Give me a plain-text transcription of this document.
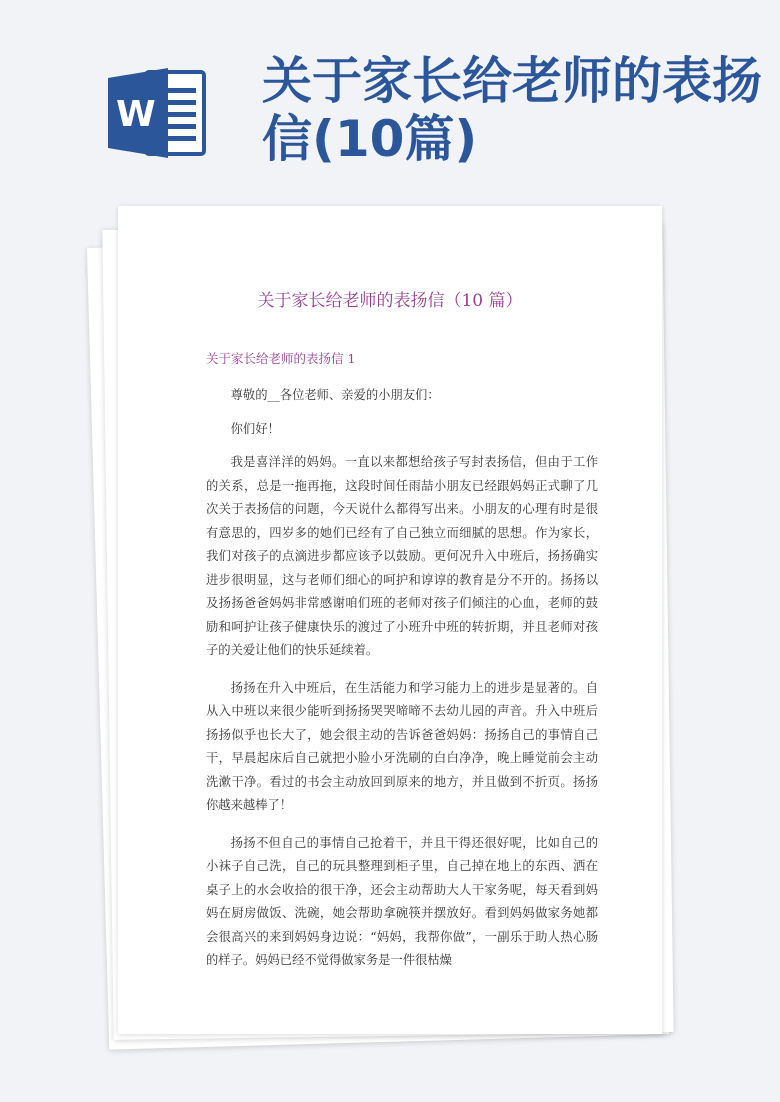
W
关于家长给老师的表扬信(10篇)
关于家长给老师的表扬信（10 篇）
关于家长给老师的表扬信 1

尊敬的__各位老师、亲爱的小朋友们：

你们好！

我是喜洋洋的妈妈。一直以来都想给孩子写封表扬信，但由于工作的关系，总是一拖再拖，这段时间任雨喆小朋友已经跟妈妈正式聊了几次关于表扬信的问题，今天说什么都得写出来。小朋友的心理有时是很有意思的，四岁多的她们已经有了自己独立而细腻的思想。作为家长，我们对孩子的点滴进步都应该予以鼓励。更何况升入中班后，扬扬确实进步很明显，这与老师们细心的呵护和谆谆的教育是分不开的。扬扬以及扬扬爸爸妈妈非常感谢咱们班的老师对孩子们倾注的心血，老师的鼓励和呵护让孩子健康快乐的渡过了小班升中班的转折期，并且老师对孩子的关爱让他们的快乐延续着。

扬扬在升入中班后，在生活能力和学习能力上的进步是显著的。自从入中班以来很少能听到扬扬哭哭啼啼不去幼儿园的声音。升入中班后扬扬似乎也长大了，她会很主动的告诉爸爸妈妈：扬扬自己的事情自己干，早晨起床后自己就把小脸小牙洗刷的白白净净，晚上睡觉前会主动洗漱干净。看过的书会主动放回到原来的地方，并且做到不折页。扬扬你越来越棒了！

扬扬不但自己的事情自己抢着干，并且干得还很好呢，比如自己的小袜子自己洗，自己的玩具整理到柜子里，自己掉在地上的东西、洒在桌子上的水会收拾的很干净，还会主动帮助大人干家务呢，每天看到妈妈在厨房做饭、洗碗，她会帮助拿碗筷并摆放好。看到妈妈做家务她都会很高兴的来到妈妈身边说：“妈妈，我帮你做”，一副乐于助人热心肠的样子。妈妈已经不觉得做家务是一件很枯燥
